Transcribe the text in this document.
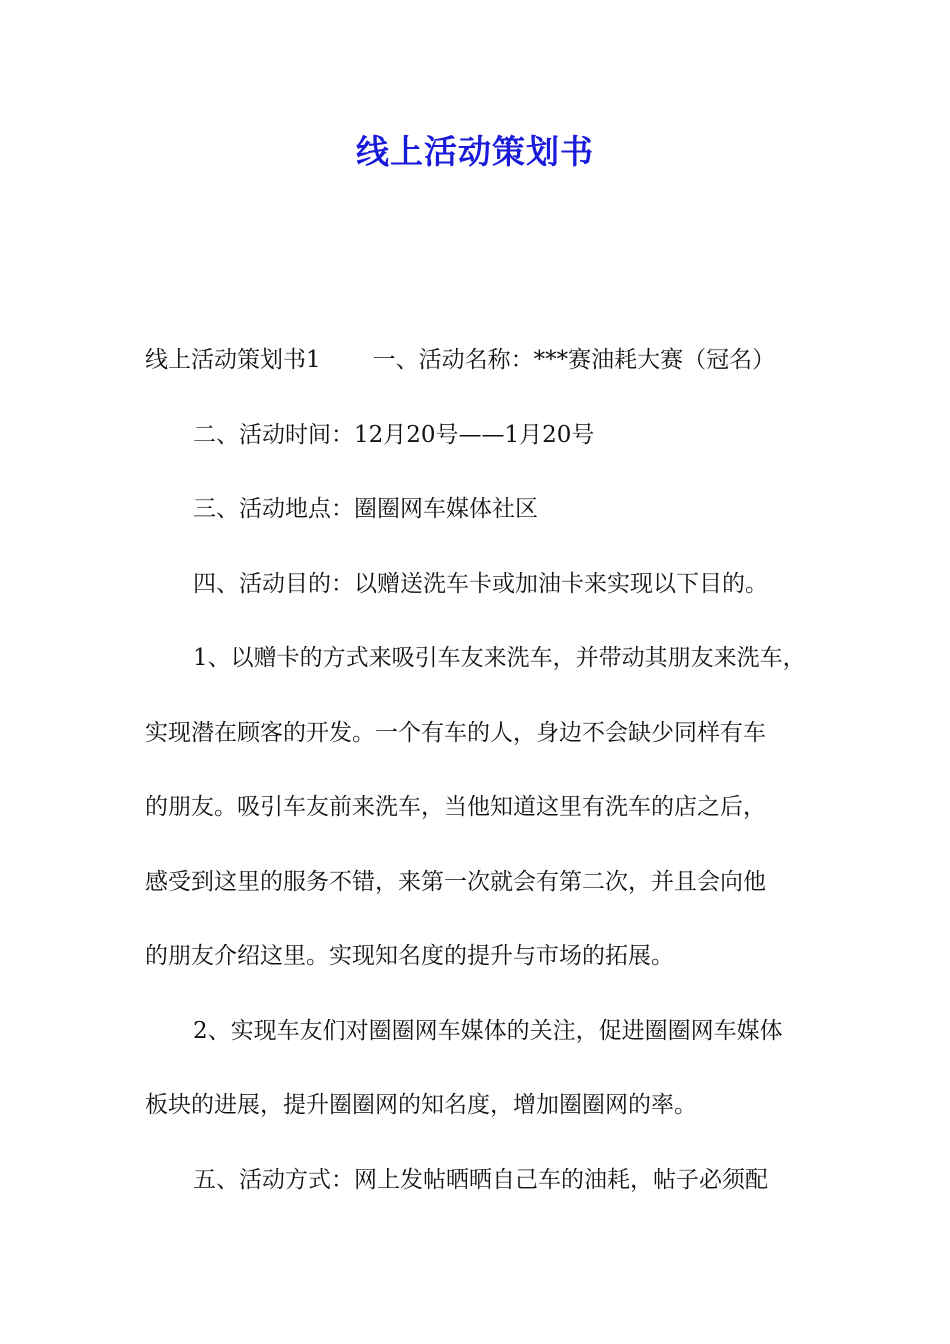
线上活动策划书
线上活动策划书1 一、活动名称：***赛油耗大赛（冠名）
二、活动时间：12月20号——1月20号
三、活动地点：圈圈网车媒体社区
四、活动目的：以赠送洗车卡或加油卡来实现以下目的。
1、以赠卡的方式来吸引车友来洗车，并带动其朋友来洗车，
实现潜在顾客的开发。一个有车的人，身边不会缺少同样有车
的朋友。吸引车友前来洗车，当他知道这里有洗车的店之后，
感受到这里的服务不错，来第一次就会有第二次，并且会向他
的朋友介绍这里。实现知名度的提升与市场的拓展。
2、实现车友们对圈圈网车媒体的关注，促进圈圈网车媒体
板块的进展，提升圈圈网的知名度，增加圈圈网的率。
五、活动方式：网上发帖晒晒自己车的油耗，帖子必须配
